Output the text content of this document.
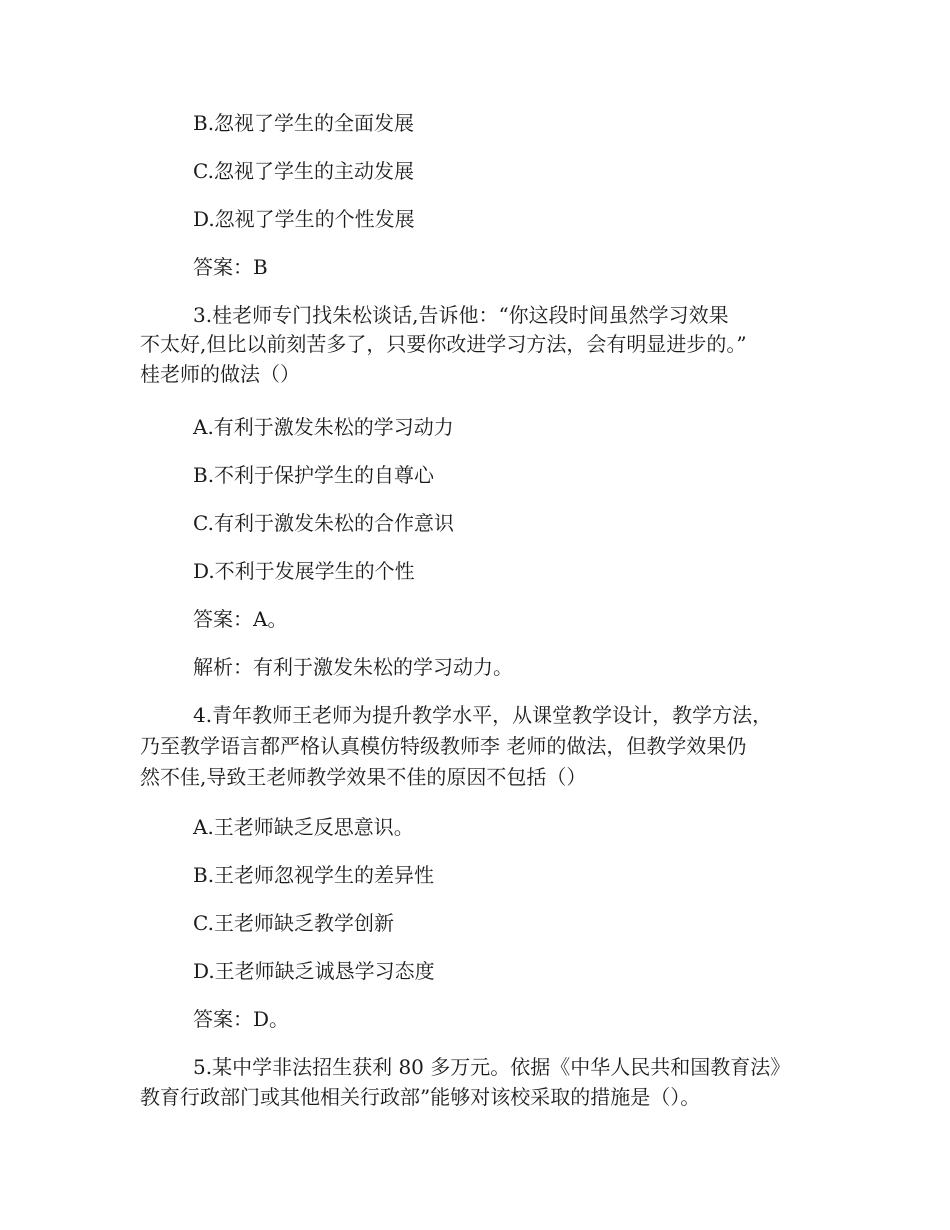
B.忽视了学生的全面发展
C.忽视了学生的主动发展
D.忽视了学生的个性发展
答案：B
3.桂老师专门找朱松谈话,告诉他：“你这段时间虽然学习效果
不太好,但比以前刻苦多了，只要你改进学习方法，会有明显进步的。”
桂老师的做法（）
A.有利于激发朱松的学习动力
B.不利于保护学生的自尊心
C.有利于激发朱松的合作意识
D.不利于发展学生的个性
答案：A。
解析：有利于激发朱松的学习动力。
4.青年教师王老师为提升教学水平，从课堂教学设计，教学方法，
乃至教学语言都严格认真模仿特级教师李 老师的做法，但教学效果仍
然不佳,导致王老师教学效果不佳的原因不包括（）
A.王老师缺乏反思意识。
B.王老师忽视学生的差异性
C.王老师缺乏教学创新
D.王老师缺乏诚恳学习态度
答案：D。
5.某中学非法招生获利 80 多万元。依据《中华人民共和国教育法》
教育行政部门或其他相关行政部”能够对该校采取的措施是（）。
